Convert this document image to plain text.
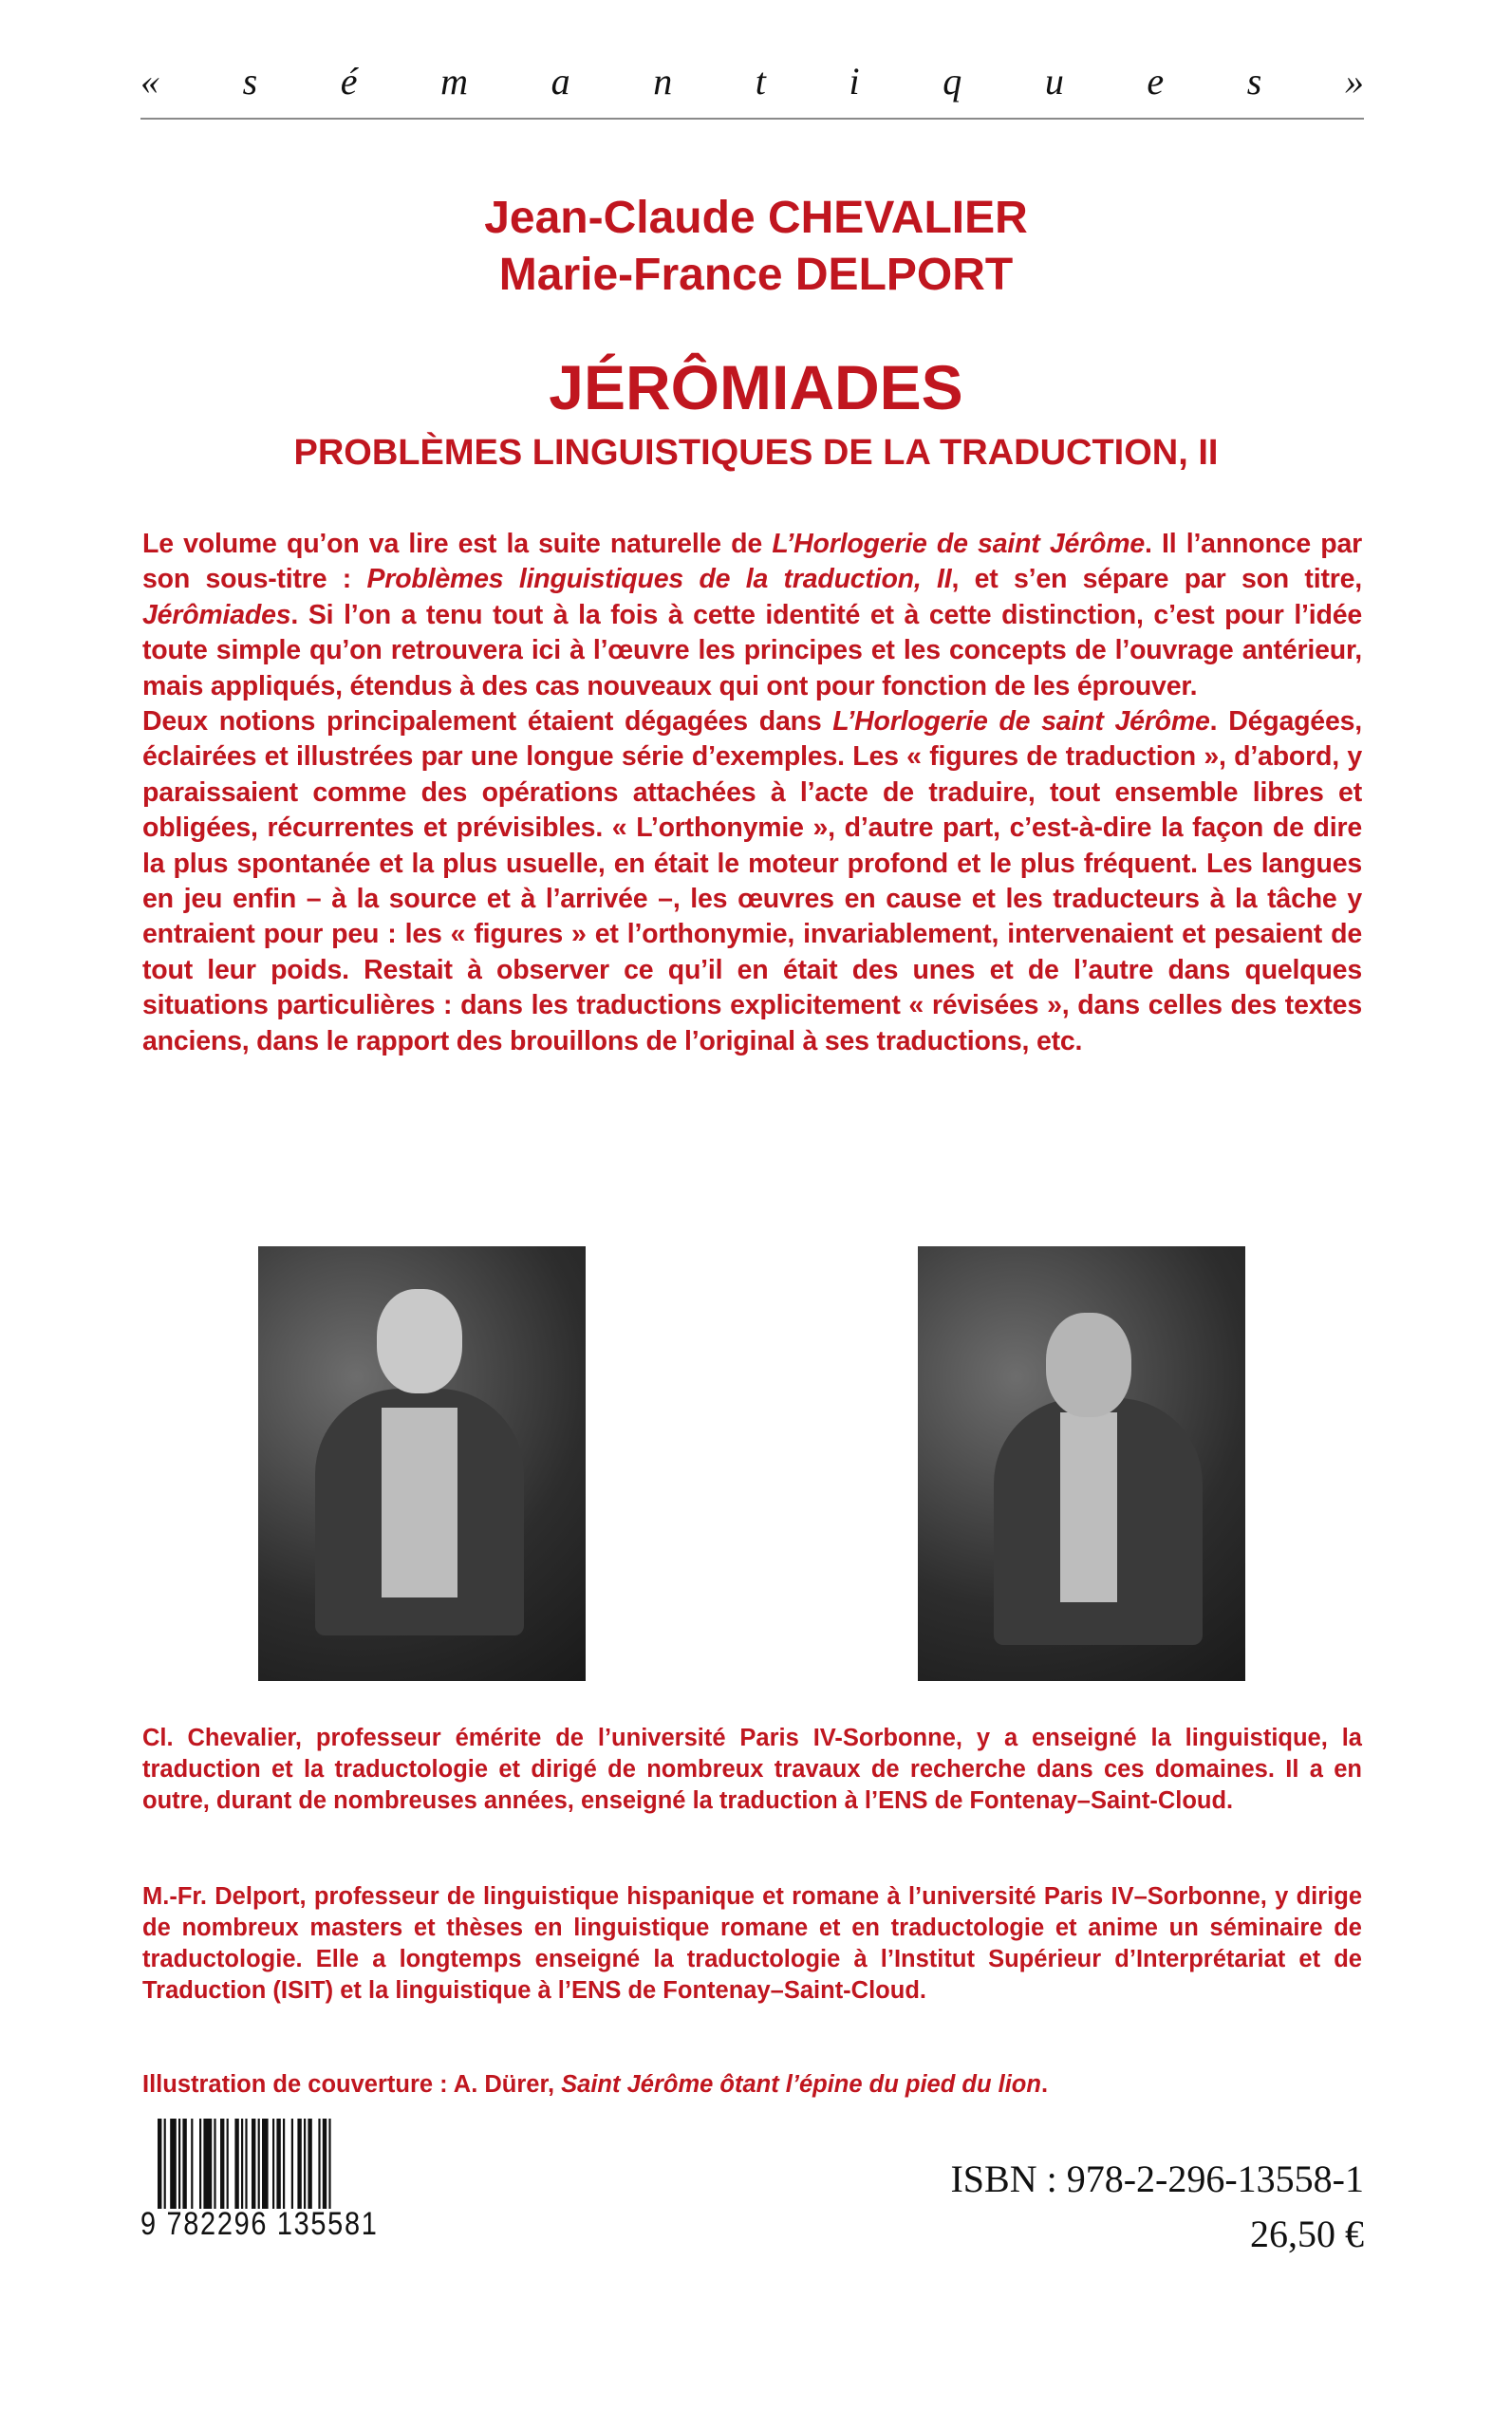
« s é m a n t i q u e s »
Jean-Claude CHEVALIER
Marie-France DELPORT
JÉRÔMIADES
PROBLÈMES LINGUISTIQUES DE LA TRADUCTION, II

Le volume qu’on va lire est la suite naturelle de L’Horlogerie de saint Jérôme. Il l’annonce par son sous-titre : Problèmes linguistiques de la traduction, II, et s’en sépare par son titre, Jérômiades. Si l’on a tenu tout à la fois à cette identité et à cette distinction, c’est pour l’idée toute simple qu’on retrouvera ici à l’œuvre les principes et les concepts de l’ouvrage antérieur, mais appliqués, étendus à des cas nouveaux qui ont pour fonction de les éprouver.

Deux notions principalement étaient dégagées dans L’Horlogerie de saint Jérôme. Dégagées, éclairées et illustrées par une longue série d’exemples. Les « figures de traduction », d’abord, y paraissaient comme des opérations attachées à l’acte de traduire, tout ensemble libres et obligées, récurrentes et prévisibles. « L’orthonymie », d’autre part, c’est-à-dire la façon de dire la plus spontanée et la plus usuelle, en était le moteur profond et le plus fréquent. Les langues en jeu enfin – à la source et à l’arrivée –, les œuvres en cause et les traducteurs à la tâche y entraient pour peu : les « figures » et l’orthonymie, invariablement, intervenaient et pesaient de tout leur poids. Restait à observer ce qu’il en était des unes et de l’autre dans quelques situations particulières : dans les traductions explicitement « révisées », dans celles des textes anciens, dans le rapport des brouillons de l’original à ses traductions, etc.

Cl. Chevalier, professeur émérite de l’université Paris IV-Sorbonne, y a enseigné la linguistique, la traduction et la traductologie et dirigé de nombreux travaux de recherche dans ces domaines. Il a en outre, durant de nombreuses années, enseigné la traduction à l’ENS de Fontenay–Saint-Cloud.

M.-Fr. Delport, professeur de linguistique hispanique et romane à l’université Paris IV–Sorbonne, y dirige de nombreux masters et thèses en linguistique romane et en traductologie et anime un séminaire de traductologie. Elle a longtemps enseigné la traductologie à l’Institut Supérieur d’Interprétariat et de Traduction (ISIT) et la linguistique à l’ENS de Fontenay–Saint-Cloud.

Illustration de couverture : A. Dürer, Saint Jérôme ôtant l’épine du pied du lion.
9 782296 135581
ISBN : 978-2-296-13558-1
26,50 €
